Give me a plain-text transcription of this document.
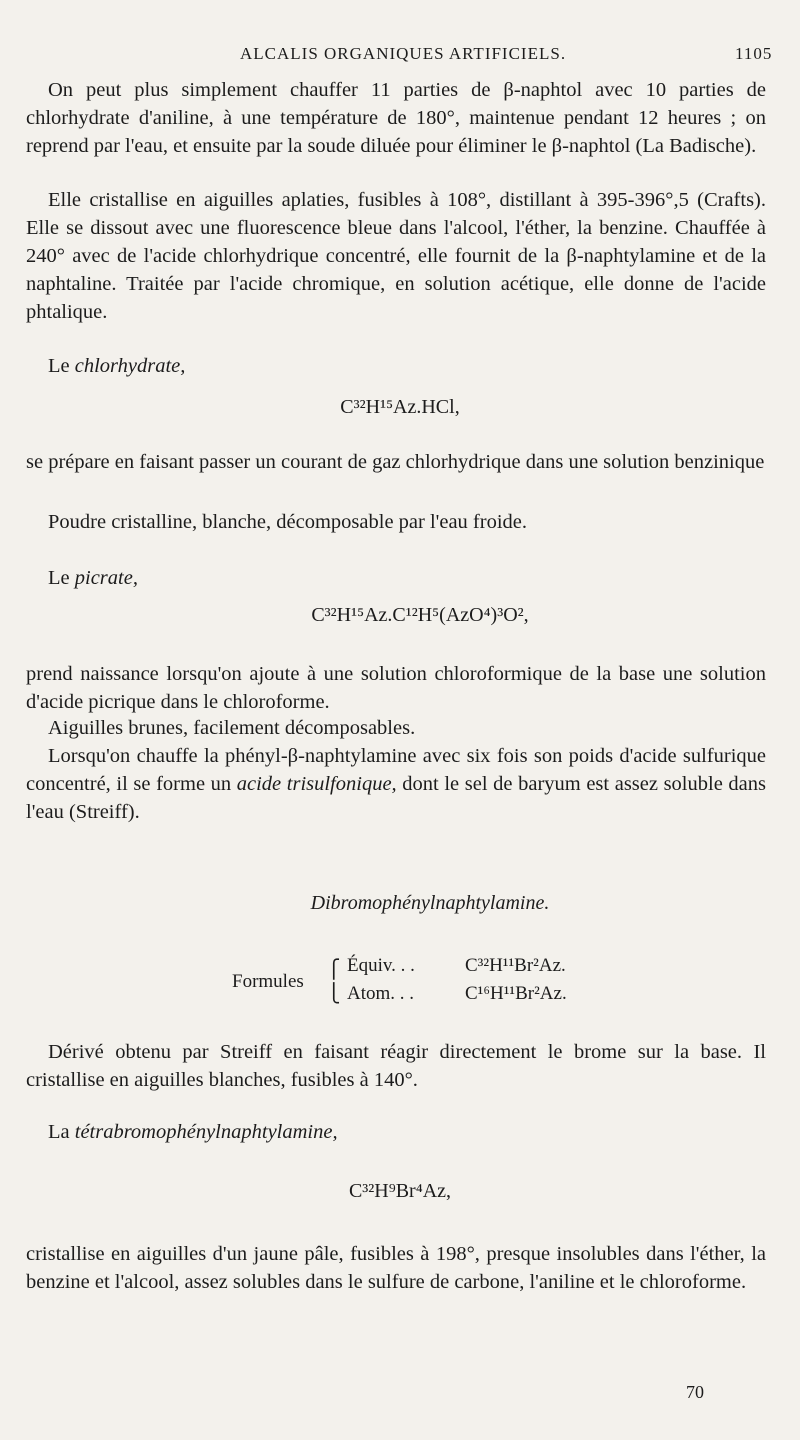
ALCALIS ORGANIQUES ARTIFICIELS.	1105

On peut plus simplement chauffer 11 parties de β-naphtol avec 10 parties de chlorhydrate d'aniline, à une température de 180°, maintenue pendant 12 heures ; on reprend par l'eau, et ensuite par la soude diluée pour éliminer le β-naphtol (La Badische).

Elle cristallise en aiguilles aplaties, fusibles à 108°, distillant à 395-396°,5 (Crafts). Elle se dissout avec une fluorescence bleue dans l'alcool, l'éther, la benzine. Chauffée à 240° avec de l'acide chlorhydrique concentré, elle fournit de la β-naphtylamine et de la naphtaline. Traitée par l'acide chromique, en solution acétique, elle donne de l'acide phtalique.

Le chlorhydrate,

C³²H¹⁵Az.HCl,

se prépare en faisant passer un courant de gaz chlorhydrique dans une solution benzinique

Poudre cristalline, blanche, décomposable par l'eau froide.

Le picrate,

C³²H¹⁵Az.C¹²H⁵(AzO⁴)³O²,

prend naissance lorsqu'on ajoute à une solution chloroformique de la base une solution d'acide picrique dans le chloroforme.

Aiguilles brunes, facilement décomposables.

Lorsqu'on chauffe la phényl-β-naphtylamine avec six fois son poids d'acide sulfurique concentré, il se forme un acide trisulfonique, dont le sel de baryum est assez soluble dans l'eau (Streiff).

Dibromophénylnaphtylamine.
Formules
⎧
⎩
Équiv. . .	C³²H¹¹Br²Az.
Atom. . .	C¹⁶H¹¹Br²Az.

Dérivé obtenu par Streiff en faisant réagir directement le brome sur la base. Il cristallise en aiguilles blanches, fusibles à 140°.

La tétrabromophénylnaphtylamine,

C³²H⁹Br⁴Az,

cristallise en aiguilles d'un jaune pâle, fusibles à 198°, presque insolubles dans l'éther, la benzine et l'alcool, assez solubles dans le sulfure de carbone, l'aniline et le chloroforme.

70
